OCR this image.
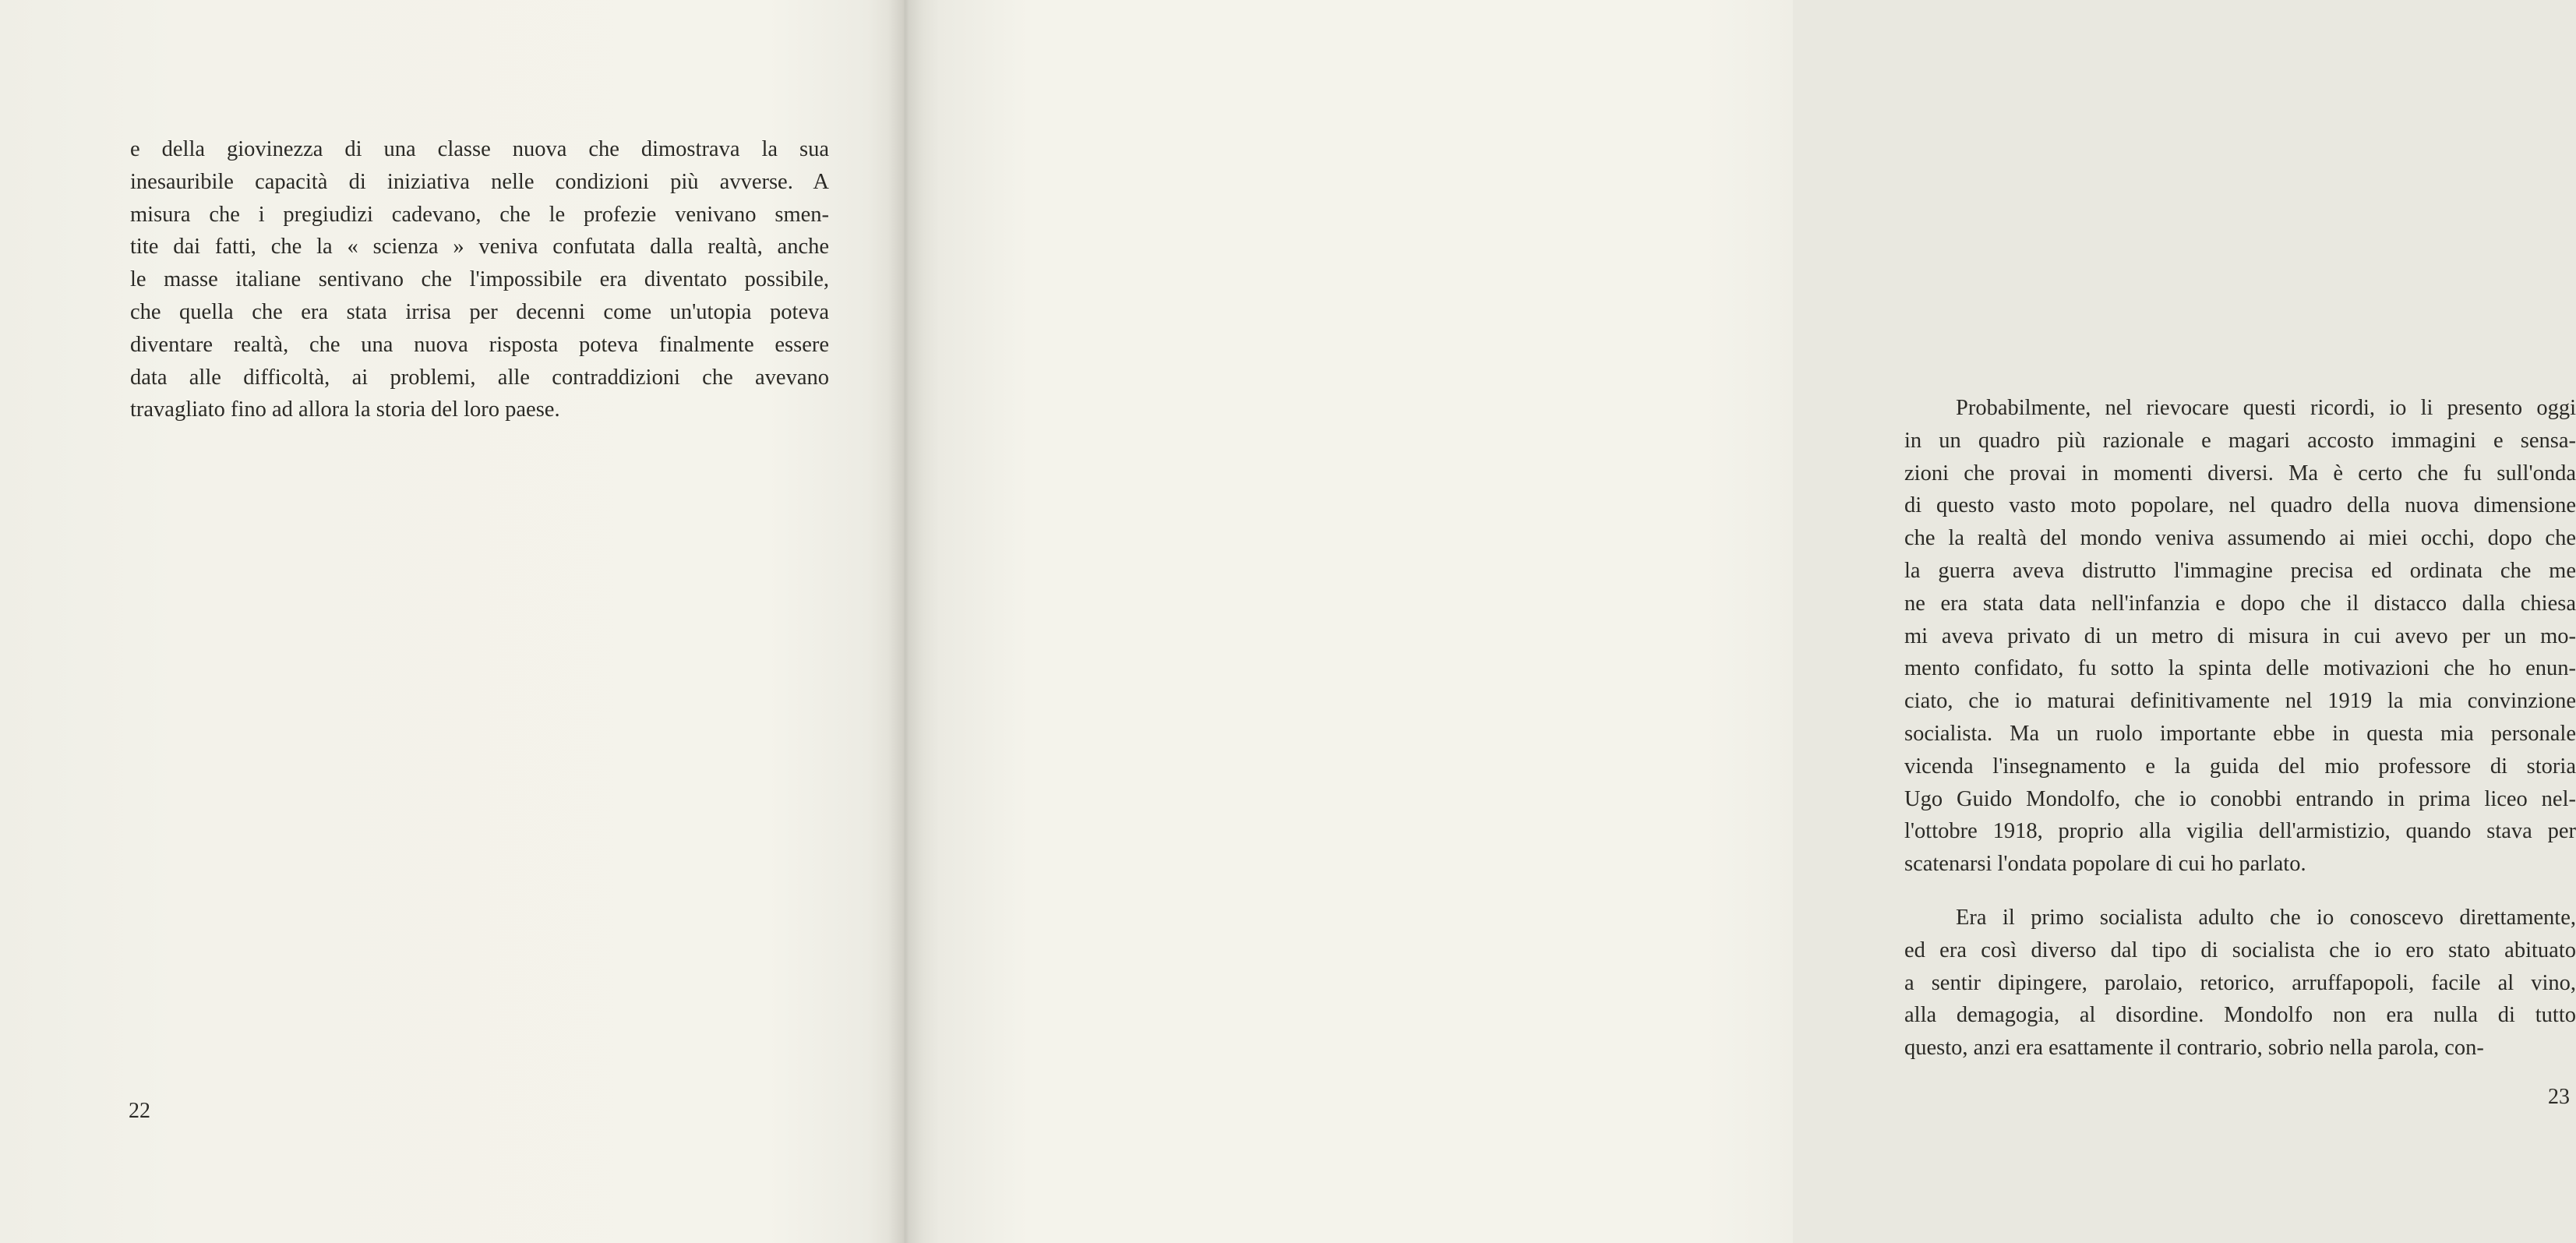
e della giovinezza di una classe nuova che dimostrava la sua
inesauribile capacità di iniziativa nelle condizioni più avverse. A
misura che i pregiudizi cadevano, che le profezie venivano smen-
tite dai fatti, che la « scienza » veniva confutata dalla realtà, anche
le masse italiane sentivano che l'impossibile era diventato possibile,
che quella che era stata irrisa per decenni come un'utopia poteva
diventare realtà, che una nuova risposta poteva finalmente essere
data alle difficoltà, ai problemi, alle contraddizioni che avevano
travagliato fino ad allora la storia del loro paese.

22

Probabilmente, nel rievocare questi ricordi, io li presento oggi
in un quadro più razionale e magari accosto immagini e sensa-
zioni che provai in momenti diversi. Ma è certo che fu sull'onda
di questo vasto moto popolare, nel quadro della nuova dimensione
che la realtà del mondo veniva assumendo ai miei occhi, dopo che
la guerra aveva distrutto l'immagine precisa ed ordinata che me
ne era stata data nell'infanzia e dopo che il distacco dalla chiesa
mi aveva privato di un metro di misura in cui avevo per un mo-
mento confidato, fu sotto la spinta delle motivazioni che ho enun-
ciato, che io maturai definitivamente nel 1919 la mia convinzione
socialista. Ma un ruolo importante ebbe in questa mia personale
vicenda l'insegnamento e la guida del mio professore di storia
Ugo Guido Mondolfo, che io conobbi entrando in prima liceo nel-
l'ottobre 1918, proprio alla vigilia dell'armistizio, quando stava per
scatenarsi l'ondata popolare di cui ho parlato.

Era il primo socialista adulto che io conoscevo direttamente,
ed era così diverso dal tipo di socialista che io ero stato abituato
a sentir dipingere, parolaio, retorico, arruffapopoli, facile al vino,
alla demagogia, al disordine. Mondolfo non era nulla di tutto
questo, anzi era esattamente il contrario, sobrio nella parola, con-

23
